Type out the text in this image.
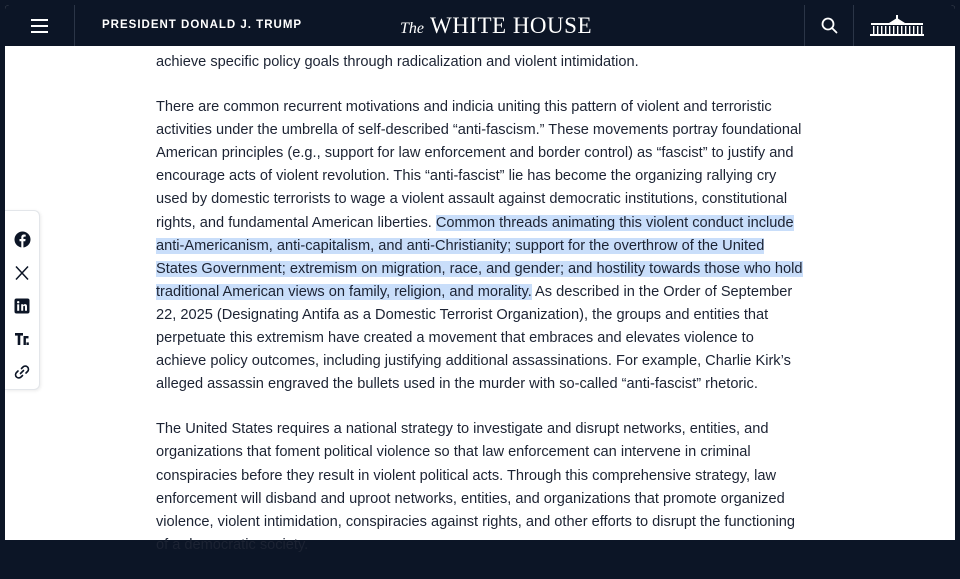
PRESIDENT DONALD J. TRUMP	The WHITE HOUSE

achieve specific policy goals through radicalization and violent intimidation.

There are common recurrent motivations and indicia uniting this pattern of violent and terroristic activities under the umbrella of self-described “anti-fascism.” These movements portray foundational American principles (e.g., support for law enforcement and border control) as “fascist” to justify and encourage acts of violent revolution. This “anti-fascist” lie has become the organizing rallying cry used by domestic terrorists to wage a violent assault against democratic institutions, constitutional rights, and fundamental American liberties. Common threads animating this violent conduct include anti-Americanism, anti-capitalism, and anti-Christianity; support for the overthrow of the United States Government; extremism on migration, race, and gender; and hostility towards those who hold traditional American views on family, religion, and morality. As described in the Order of September 22, 2025 (Designating Antifa as a Domestic Terrorist Organization), the groups and entities that perpetuate this extremism have created a movement that embraces and elevates violence to achieve policy outcomes, including justifying additional assassinations. For example, Charlie Kirk’s alleged assassin engraved the bullets used in the murder with so-called “anti-fascist” rhetoric.

The United States requires a national strategy to investigate and disrupt networks, entities, and organizations that foment political violence so that law enforcement can intervene in criminal conspiracies before they result in violent political acts. Through this comprehensive strategy, law enforcement will disband and uproot networks, entities, and organizations that promote organized violence, violent intimidation, conspiracies against rights, and other efforts to disrupt the functioning of a democratic society.
